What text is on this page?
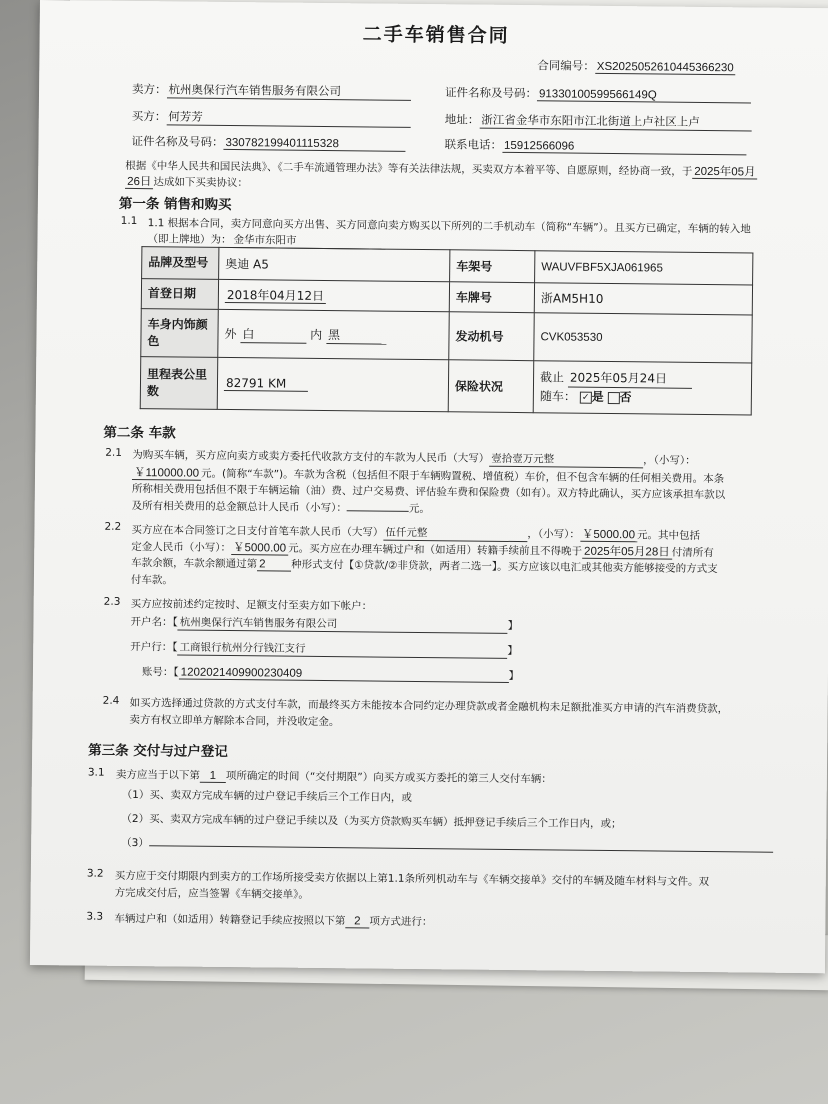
二手车销售合同
合同编号： XS2025052610445366230
卖方： 杭州奥保行汽车销售服务有限公司	证件名称及号码： 91330100599566149Q
买方： 何芳芳	地址： 浙江省金华市东阳市江北街道上卢社区上卢
证件名称及号码： 330782199401115328	联系电话： 15912566096
根据《中华人民共和国民法典》、《二手车流通管理办法》等有关法律法规，买卖双方本着平等、自愿原则，经协商一致，于 2025年05月
26日 达成如下买卖协议：
第一条 销售和购买
1.1 1.1 根据本合同，卖方同意向买方出售、买方同意向卖方购买以下所列的二手机动车（简称“车辆”）。且买方已确定，车辆的转入地
（即上牌地）为： 金华市东阳市
品牌及型号	奥迪 A5	车架号	WAUVFBF5XJA061965
首登日期	2018年04月12日	车牌号	浙AM5H10
车身内饰颜色	外 白 内 黑	发动机号	CVK053530
里程表公里数	82791 KM	保险状况	截止 2025年05月24日
随车： ✓ 是 否
第二条 车款
2.1 为购买车辆，买方应向卖方或卖方委托代收款方支付的车款为人民币（大写） 壹拾壹万元整	，（小写）：
￥110000.00 元。(简称“车款”)。车款为含税（包括但不限于车辆购置税、增值税）车价，但不包含车辆的任何相关费用。本条
所称相关费用包括但不限于车辆运输（油）费、过户交易费、评估验车费和保险费（如有）。双方特此确认，买方应该承担车款以
及所有相关费用的总金额总计人民币（小写）：	元。
2.2 买方应在本合同签订之日支付首笔车款人民币（大写） 伍仟元整	，（小写）： ￥5000.00 元。其中包括
定金人民币（小写）： ￥5000.00 元。买方应在办理车辆过户和（如适用）转籍手续前且不得晚于 2025年05月28日 付清所有
车款余额，车款余额通过第 2 种形式支付【①贷款/②非贷款，两者二选一】。买方应该以电汇或其他卖方能够接受的方式支
付车款。
2.3 买方应按前述约定按时、足额支付至卖方如下帐户：
开户名：【 杭州奥保行汽车销售服务有限公司	】
开户行：【 工商银行杭州分行钱江支行	】
账号：【 1202021409900230409	】
2.4 如买方选择通过贷款的方式支付车款，而最终买方未能按本合同约定办理贷款或者金融机构未足额批准买方申请的汽车消费贷款，
卖方有权立即单方解除本合同，并没收定金。
第三条 交付与过户登记
3.1 卖方应当于以下第 1 项所确定的时间（“交付期限”）向买方或买方委托的第三人交付车辆：
（1）买、卖双方完成车辆的过户登记手续后三个工作日内，或
（2）买、卖双方完成车辆的过户登记手续以及（为买方贷款购买车辆）抵押登记手续后三个工作日内，或；
（3）
3.2 买方应于交付期限内到卖方的工作场所接受卖方依据以上第1.1条所列机动车与《车辆交接单》交付的车辆及随车材料与文件。双
方完成交付后，应当签署《车辆交接单》。
3.3 车辆过户和（如适用）转籍登记手续应按照以下第 2 项方式进行：
